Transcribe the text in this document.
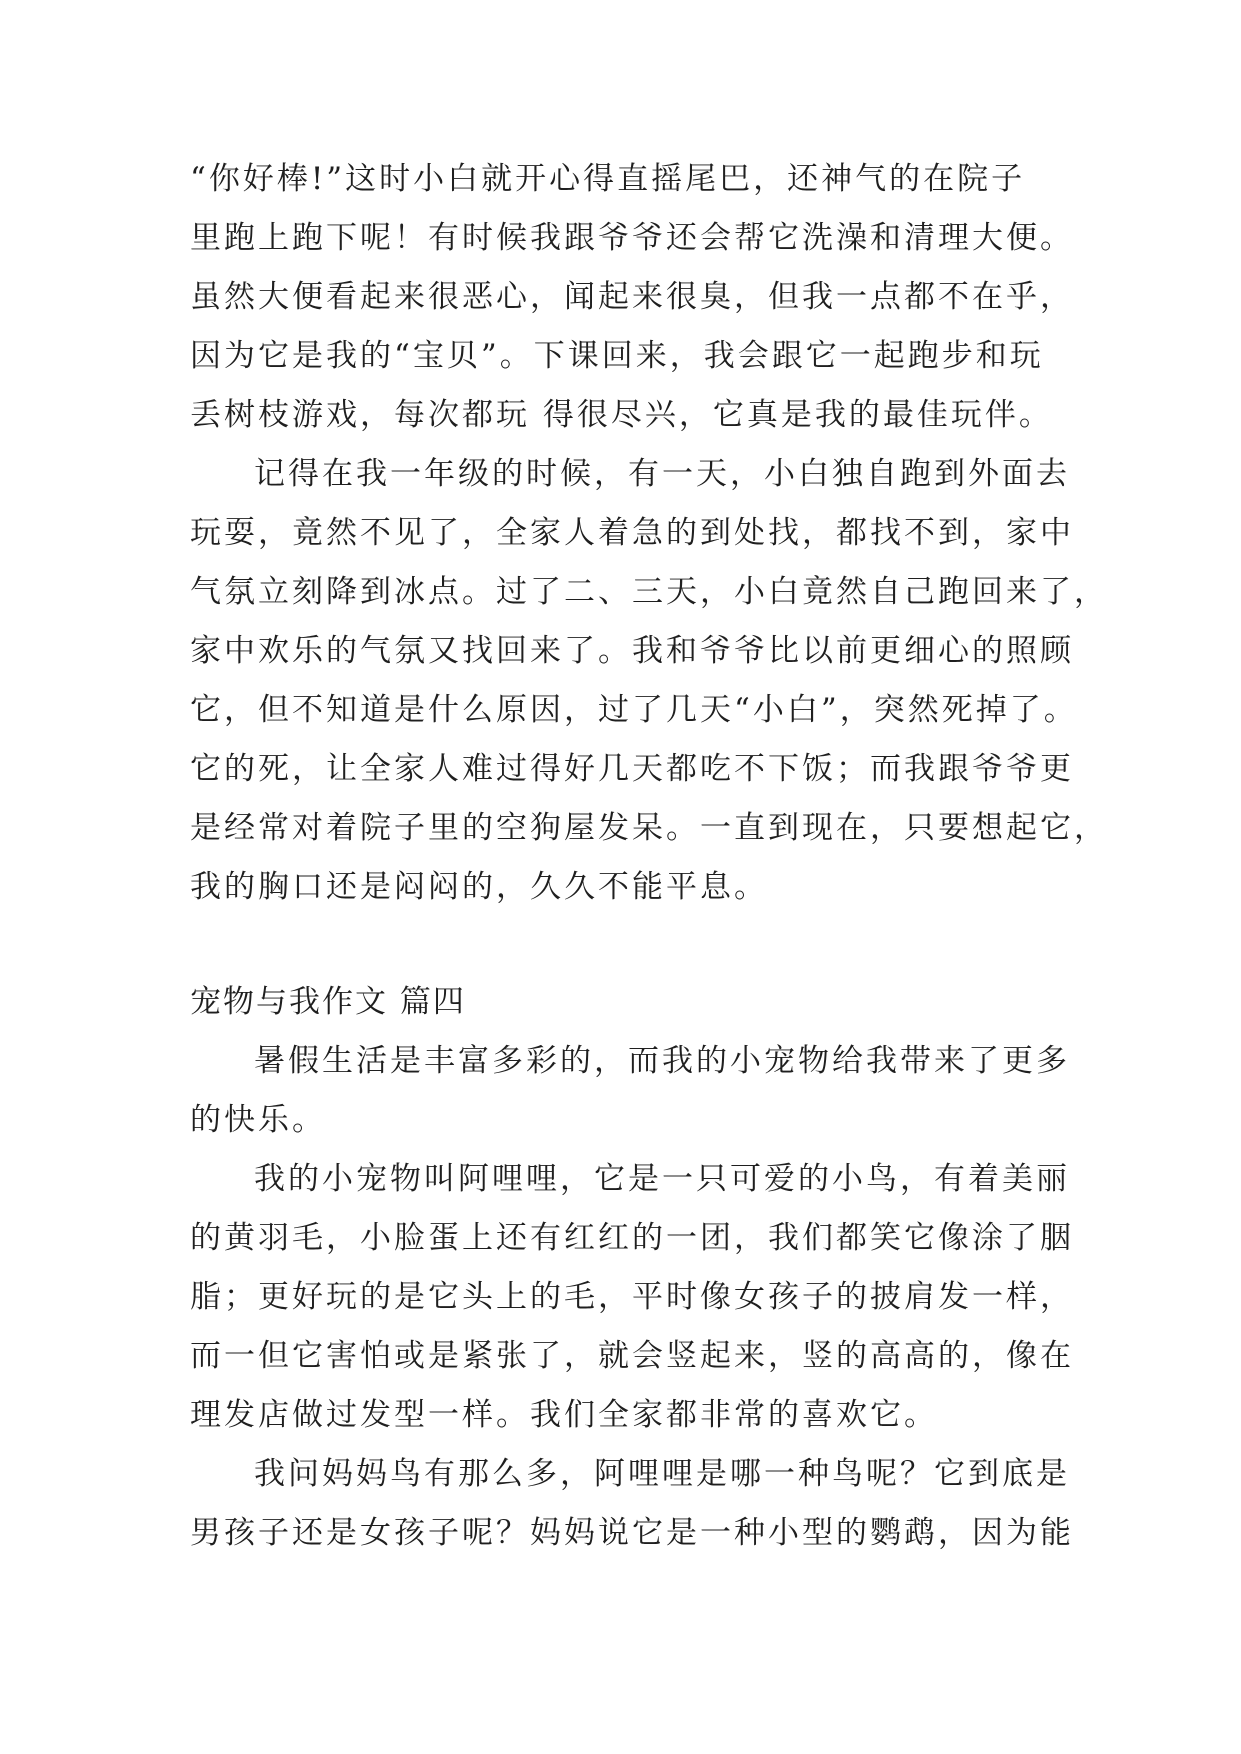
“你好棒!”这时小白就开心得直摇尾巴，还神气的在院子
里跑上跑下呢！有时候我跟爷爷还会帮它洗澡和清理大便。
虽然大便看起来很恶心，闻起来很臭，但我一点都不在乎，
因为它是我的“宝贝”。下课回来，我会跟它一起跑步和玩
丢树枝游戏，每次都玩 得很尽兴，它真是我的最佳玩伴。
记得在我一年级的时候，有一天，小白独自跑到外面去
玩耍，竟然不见了，全家人着急的到处找，都找不到，家中
气氛立刻降到冰点。过了二、三天，小白竟然自己跑回来了，
家中欢乐的气氛又找回来了。我和爷爷比以前更细心的照顾
它，但不知道是什么原因，过了几天“小白”，突然死掉了。
它的死，让全家人难过得好几天都吃不下饭；而我跟爷爷更
是经常对着院子里的空狗屋发呆。一直到现在，只要想起它，
我的胸口还是闷闷的，久久不能平息。
宠物与我作文 篇四
暑假生活是丰富多彩的，而我的小宠物给我带来了更多
的快乐。
我的小宠物叫阿哩哩，它是一只可爱的小鸟，有着美丽
的黄羽毛，小脸蛋上还有红红的一团，我们都笑它像涂了胭
脂；更好玩的是它头上的毛，平时像女孩子的披肩发一样，
而一但它害怕或是紧张了，就会竖起来，竖的高高的，像在
理发店做过发型一样。我们全家都非常的喜欢它。
我问妈妈鸟有那么多，阿哩哩是哪一种鸟呢？它到底是
男孩子还是女孩子呢？妈妈说它是一种小型的鹦鹉，因为能
